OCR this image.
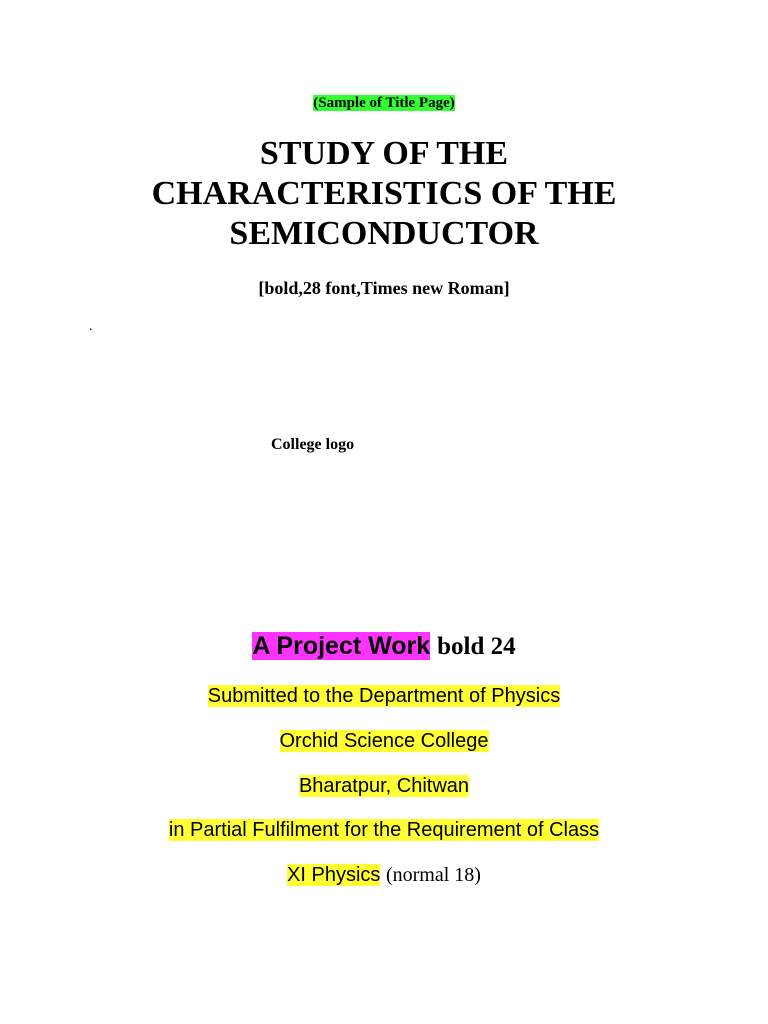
(Sample of Title Page)
STUDY OF THE
CHARACTERISTICS OF THE
SEMICONDUCTOR
[bold,28 font,Times new Roman]
.
College logo
A Project Work bold 24
Submitted to the Department of Physics
Orchid Science College
Bharatpur, Chitwan
in Partial Fulfilment for the Requirement of Class
XI Physics (normal 18)
